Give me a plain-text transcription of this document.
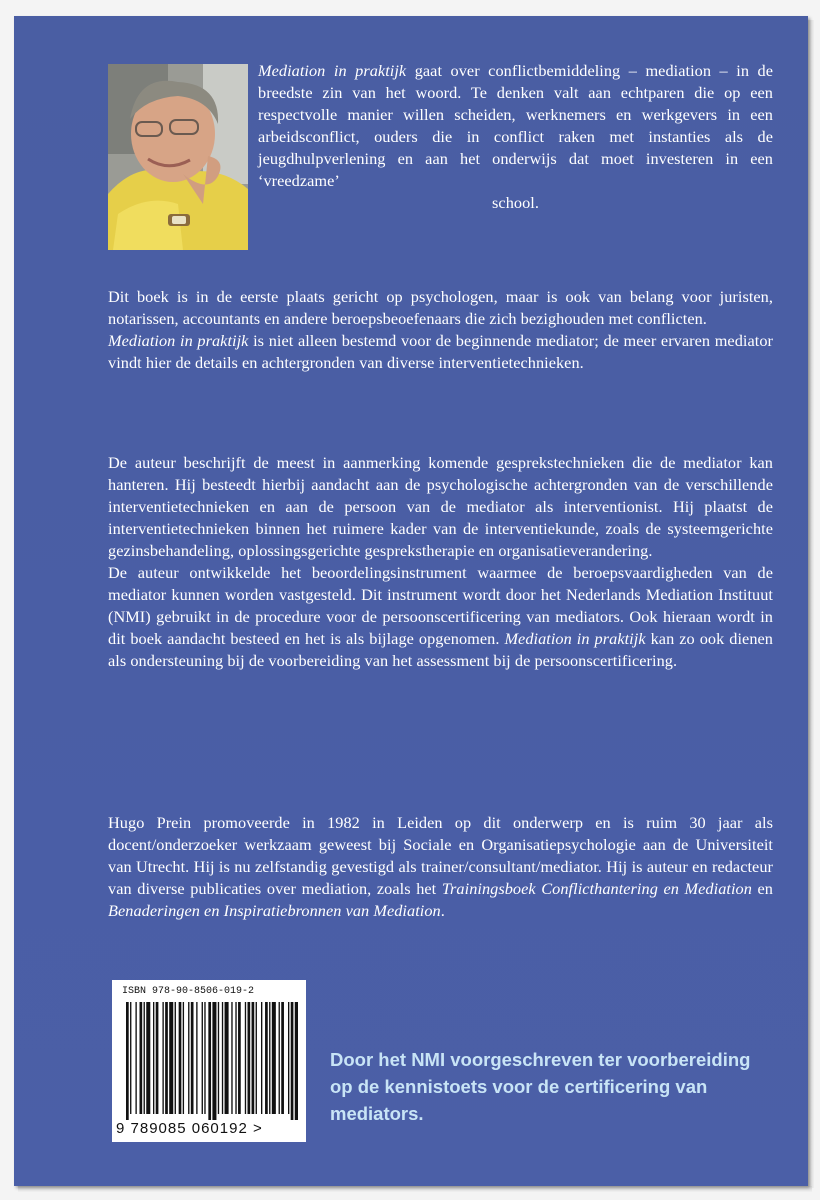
Mediation in praktijk gaat over conflictbemiddeling – mediation – in de breedste zin van het woord. Te denken valt aan echtparen die op een respectvolle manier willen scheiden, werknemers en werkgevers in een arbeidsconflict, ouders die in conflict raken met instanties als de jeugdhulpverlening en aan het onderwijs dat moet investeren in een ‘vreedzame’
school.

Dit boek is in de eerste plaats gericht op psychologen, maar is ook van belang voor juristen, notarissen, accountants en andere beroepsbeoefenaars die zich bezighouden met conflicten.
Mediation in praktijk is niet alleen bestemd voor de beginnende mediator; de meer ervaren mediator vindt hier de details en achtergronden van diverse interventietechnieken.

De auteur beschrijft de meest in aanmerking komende gesprekstechnieken die de mediator kan hanteren. Hij besteedt hierbij aandacht aan de psychologische achtergronden van de verschillende interventietechnieken en aan de persoon van de mediator als interventionist. Hij plaatst de interventietechnieken binnen het ruimere kader van de interventiekunde, zoals de systeemgerichte gezinsbehandeling, oplossingsgerichte gesprekstherapie en organisatieverandering.
De auteur ontwikkelde het beoordelingsinstrument waarmee de beroepsvaardigheden van de mediator kunnen worden vastgesteld. Dit instrument wordt door het Nederlands Mediation Instituut (NMI) gebruikt in de procedure voor de persoonscertificering van mediators. Ook hieraan wordt in dit boek aandacht besteed en het is als bijlage opgenomen. Mediation in praktijk kan zo ook dienen als ondersteuning bij de voorbereiding van het assessment bij de persoonscertificering.

Hugo Prein promoveerde in 1982 in Leiden op dit onderwerp en is ruim 30 jaar als docent/onderzoeker werkzaam geweest bij Sociale en Organisatiepsychologie aan de Universiteit van Utrecht. Hij is nu zelfstandig gevestigd als trainer/consultant/mediator. Hij is auteur en redacteur van diverse publicaties over mediation, zoals het Trainingsboek Conflicthantering en Mediation en Benaderingen en Inspiratiebronnen van Mediation.

ISBN 978-90-8506-019-2
9 789085 060192 >
Door het NMI voorgeschreven ter voorbereiding op de kennistoets voor de certificering van mediators.
